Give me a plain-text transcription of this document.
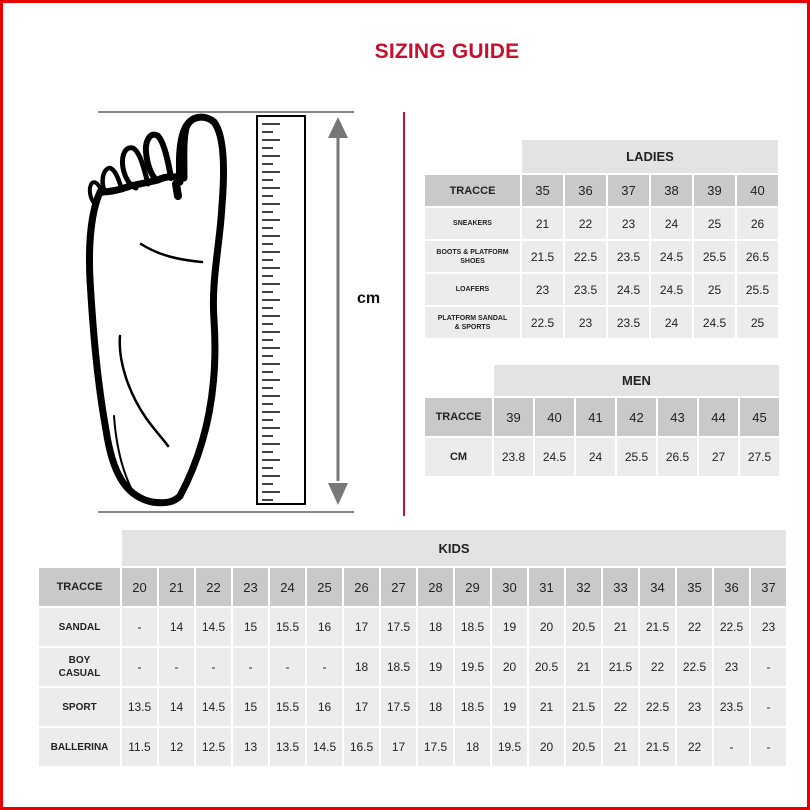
SIZING GUIDE
cm
	LADIES					
TRACCE	35	36	37	38	39	40
SNEAKERS	21	22	23	24	25	26
BOOTS & PLATFORM SHOES	21.5	22.5	23.5	24.5	25.5	26.5
LOAFERS	23	23.5	24.5	24.5	25	25.5
PLATFORM SANDAL & SPORTS	22.5	23	23.5	24	24.5	25
	MEN						
TRACCE	39	40	41	42	43	44	45
CM	23.8	24.5	24	25.5	26.5	27	27.5
	KIDS																	
TRACCE	20	21	22	23	24	25	26	27	28	29	30	31	32	33	34	35	36	37
SANDAL	-	14	14.5	15	15.5	16	17	17.5	18	18.5	19	20	20.5	21	21.5	22	22.5	23
BOY CASUAL	-	-	-	-	-	-	18	18.5	19	19.5	20	20.5	21	21.5	22	22.5	23	-
SPORT	13.5	14	14.5	15	15.5	16	17	17.5	18	18.5	19	21	21.5	22	22.5	23	23.5	-
BALLERINA	11.5	12	12.5	13	13.5	14.5	16.5	17	17.5	18	19.5	20	20.5	21	21.5	22	-	-
